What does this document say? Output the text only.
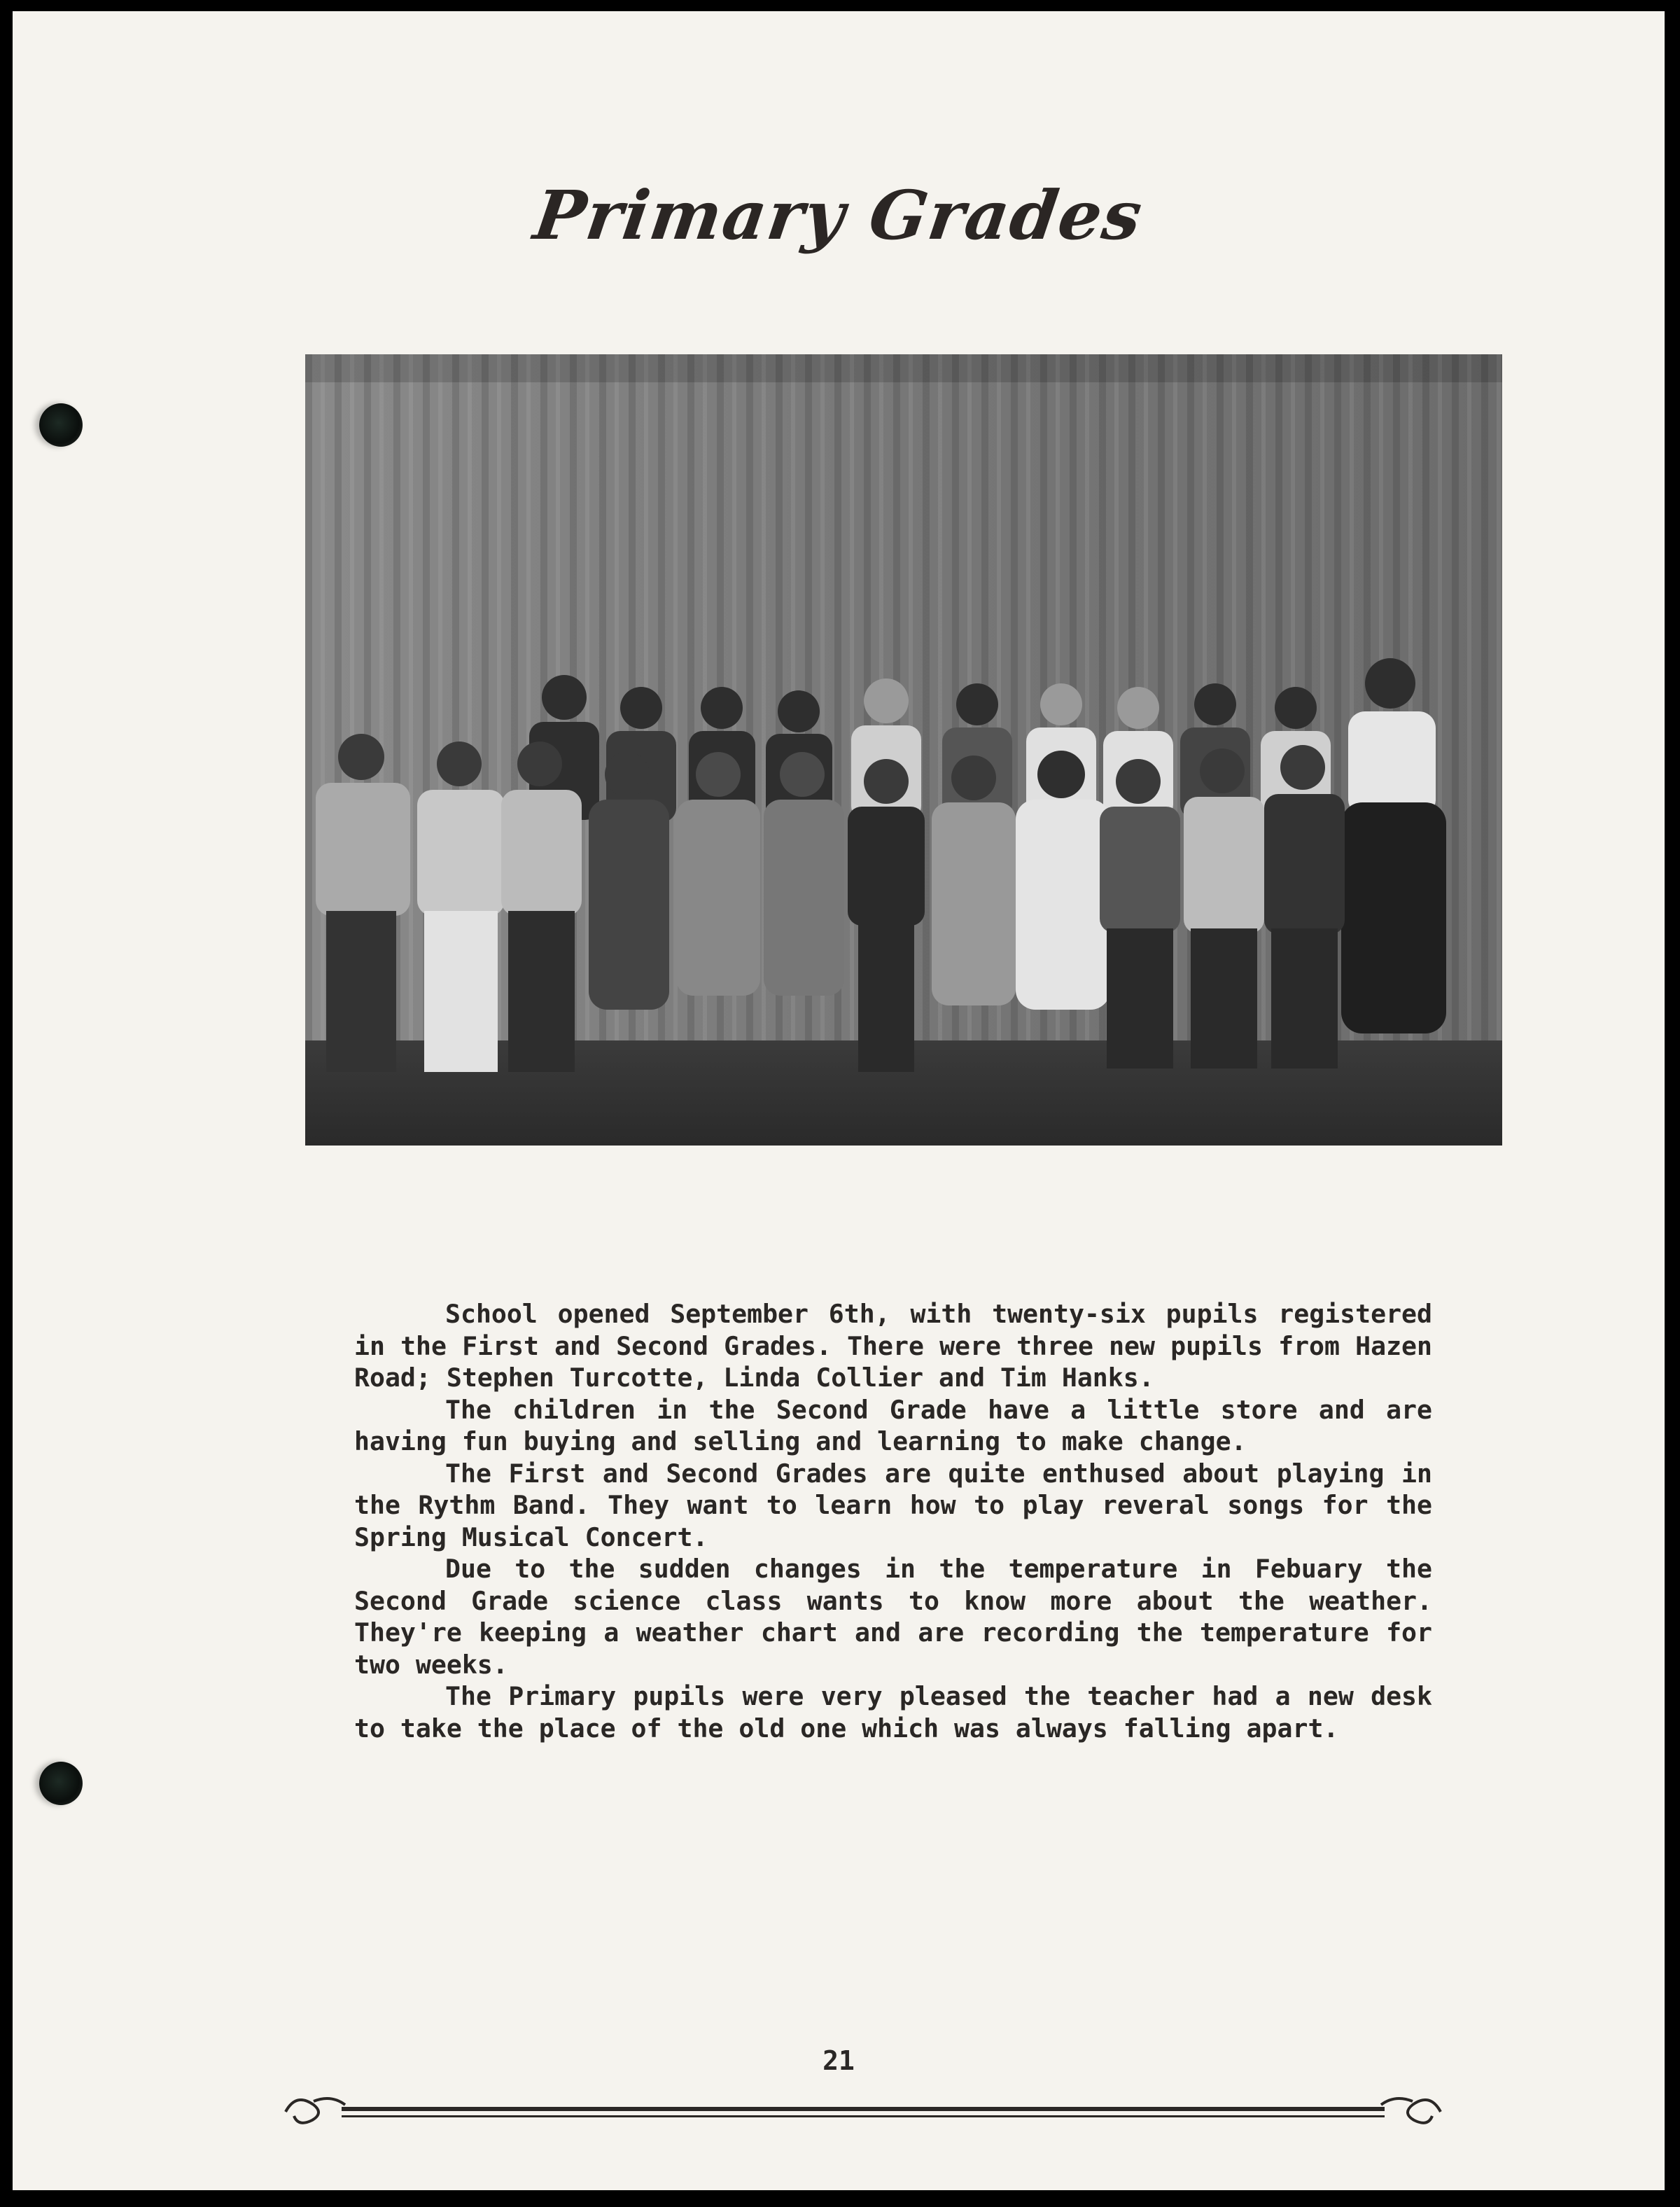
Primary Grades

School opened September 6th, with twenty-six pupils registered in the First and Second Grades. There were three new pupils from Hazen Road; Stephen Turcotte, Linda Collier and Tim Hanks.

The children in the Second Grade have a little store and are having fun buying and selling and learning to make change.

The First and Second Grades are quite enthused about playing in the Rythm Band. They want to learn how to play reveral songs for the Spring Musical Concert.

Due to the sudden changes in the temperature in Febuary the Second Grade science class wants to know more about the weather. They're keeping a weather chart and are recording the temperature for two weeks.

The Primary pupils were very pleased the teacher had a new desk to take the place of the old one which was always falling apart.

21
